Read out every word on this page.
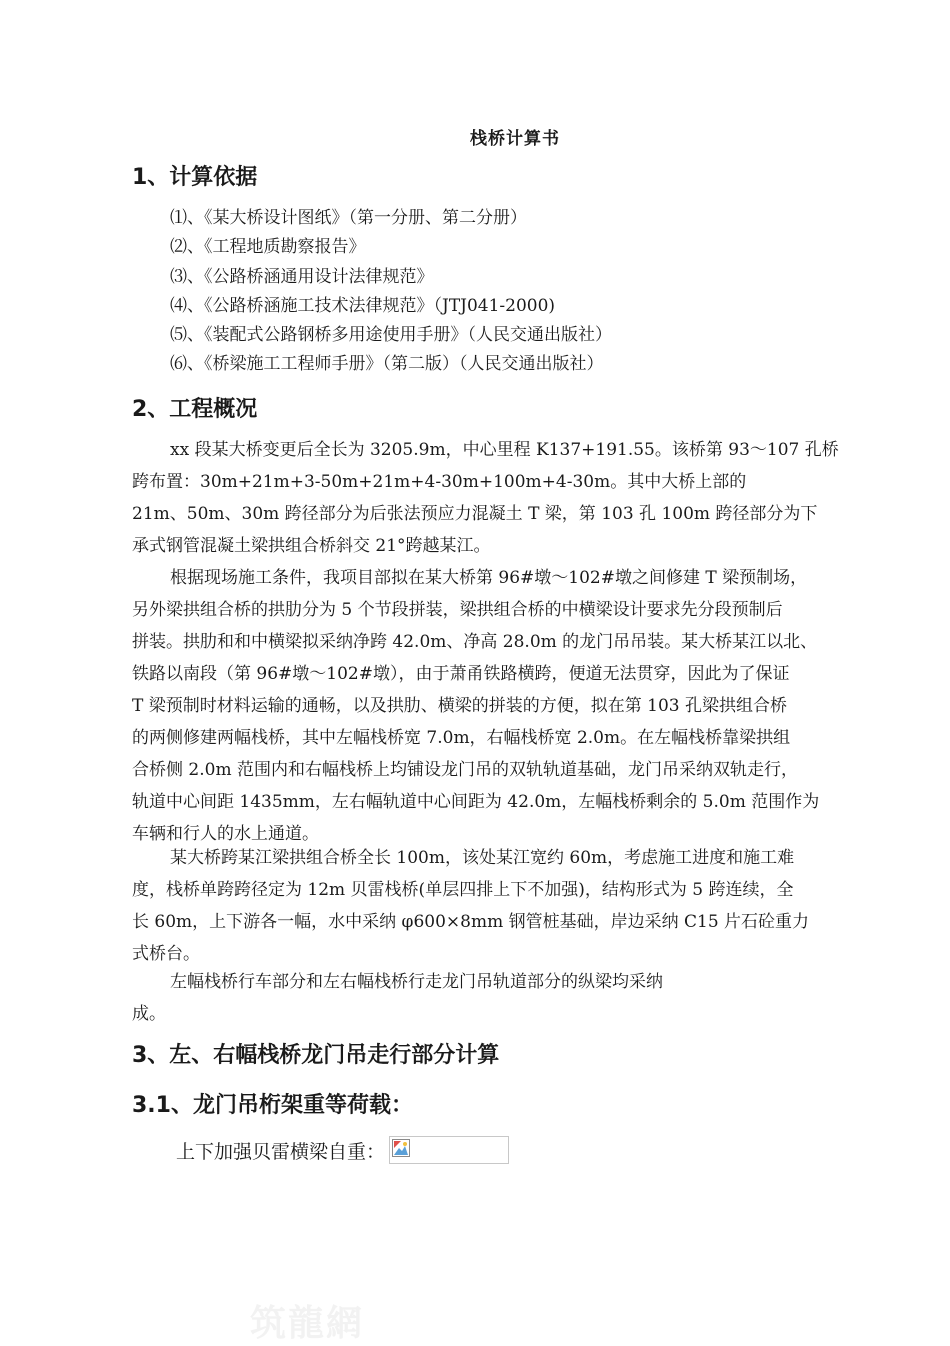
栈桥计算书
1、计算依据
⑴、《某大桥设计图纸》（第一分册、第二分册）
⑵、《工程地质勘察报告》
⑶、《公路桥涵通用设计法律规范》
⑷、《公路桥涵施工技术法律规范》（JTJ041-2000)
⑸、《装配式公路钢桥多用途使用手册》（人民交通出版社）
⑹、《桥梁施工工程师手册》（第二版）（人民交通出版社）
2、工程概况
xx 段某大桥变更后全长为 3205.9m，中心里程 K137+191.55。该桥第 93～107 孔桥
跨布置：30m+21m+3-50m+21m+4-30m+100m+4-30m。其中大桥上部的
21m、50m、30m 跨径部分为后张法预应力混凝土 T 梁，第 103 孔 100m 跨径部分为下
承式钢管混凝土梁拱组合桥斜交 21°跨越某江。
根据现场施工条件，我项目部拟在某大桥第 96#墩～102#墩之间修建 T 梁预制场，
另外梁拱组合桥的拱肋分为 5 个节段拼装，梁拱组合桥的中横梁设计要求先分段预制后
拼装。拱肋和和中横梁拟采纳净跨 42.0m、净高 28.0m 的龙门吊吊装。某大桥某江以北、
铁路以南段（第 96#墩～102#墩），由于萧甬铁路横跨，便道无法贯穿，因此为了保证
T 梁预制时材料运输的通畅，以及拱肋、横梁的拼装的方便，拟在第 103 孔梁拱组合桥
的两侧修建两幅栈桥，其中左幅栈桥宽 7.0m，右幅栈桥宽 2.0m。在左幅栈桥靠梁拱组
合桥侧 2.0m 范围内和右幅栈桥上均铺设龙门吊的双轨轨道基础，龙门吊采纳双轨走行，
轨道中心间距 1435mm，左右幅轨道中心间距为 42.0m，左幅栈桥剩余的 5.0m 范围作为
车辆和行人的水上通道。
某大桥跨某江梁拱组合桥全长 100m，该处某江宽约 60m，考虑施工进度和施工难
度，栈桥单跨跨径定为 12m 贝雷栈桥(单层四排上下不加强)，结构形式为 5 跨连续，全
长 60m，上下游各一幅，水中采纳 φ600×8mm 钢管桩基础，岸边采纳 C15 片石砼重力
式桥台。
左幅栈桥行车部分和左右幅栈桥行走龙门吊轨道部分的纵梁均采纳
成。
3、左、右幅栈桥龙门吊走行部分计算
3.1、龙门吊桁架重等荷载：
上下加强贝雷横梁自重：
筑龍網
